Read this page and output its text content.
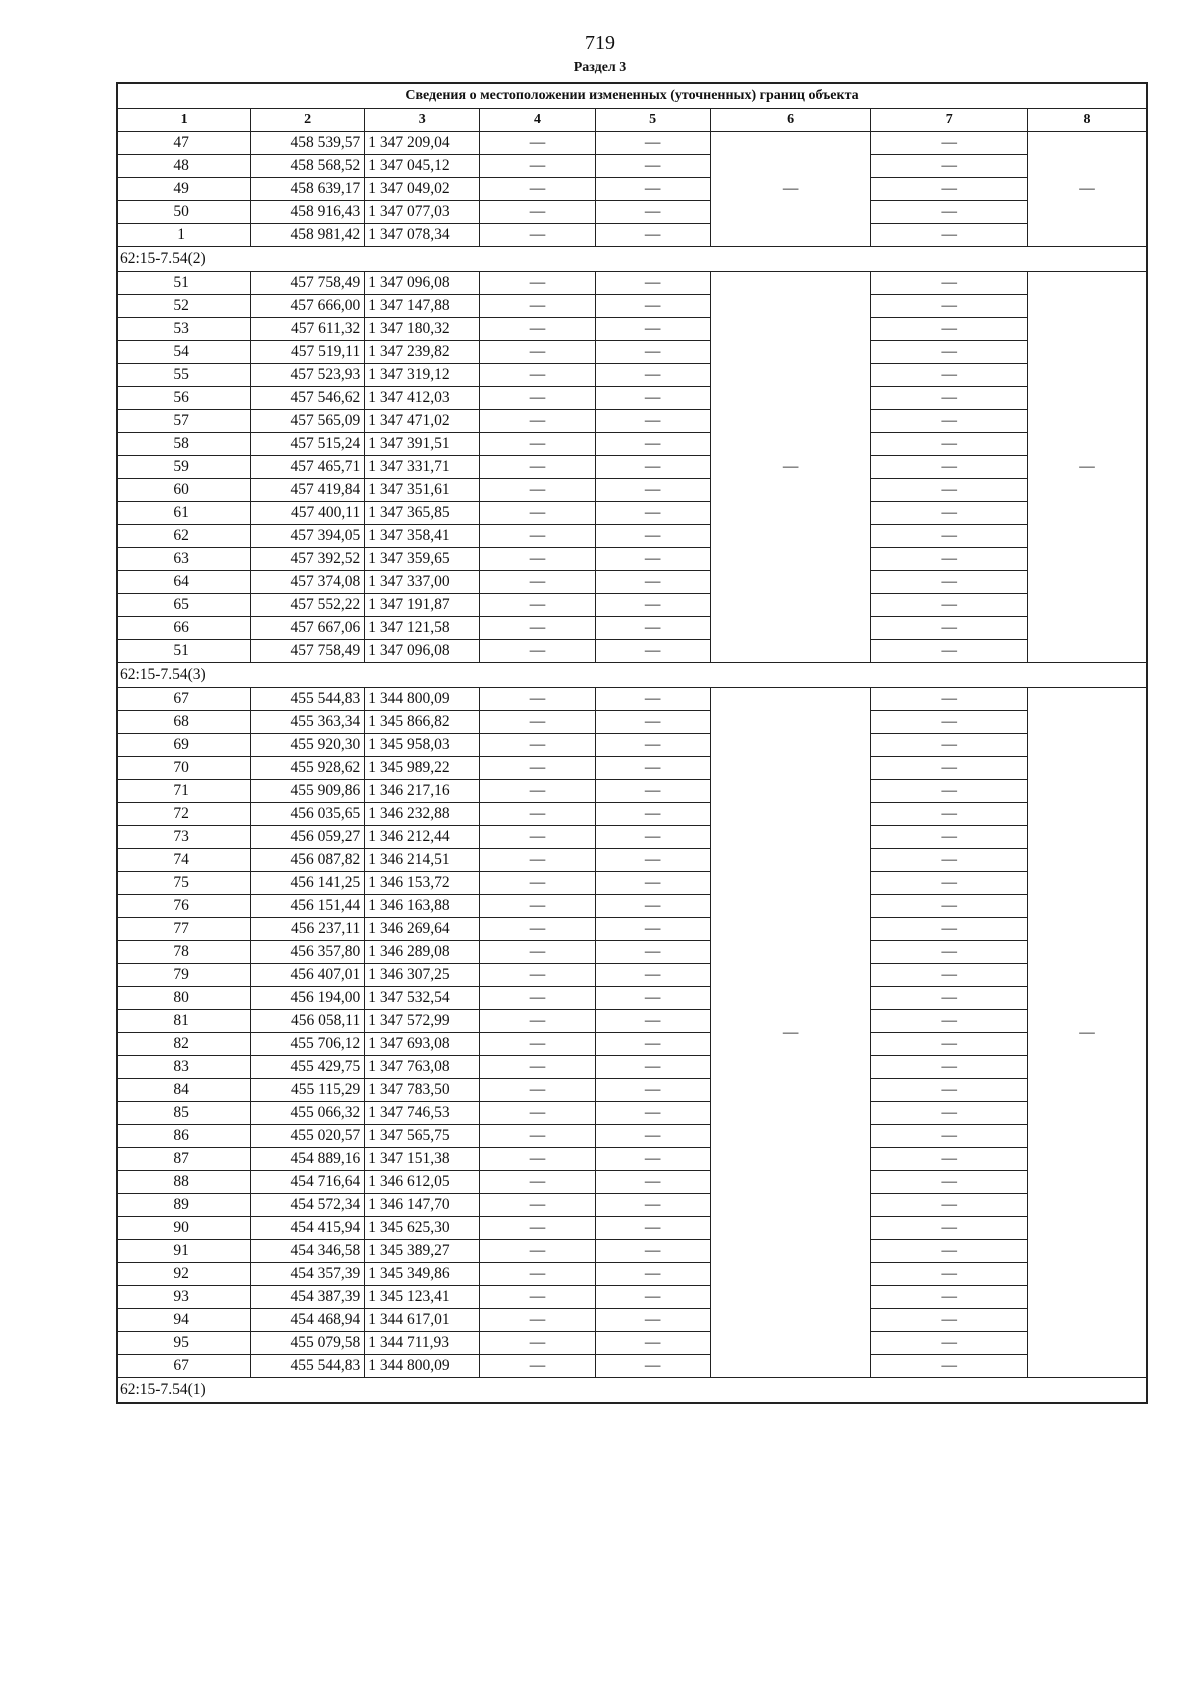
719
Раздел 3
Сведения о местоположении измененных (уточненных) границ объекта							
1	2	3	4	5	6	7	8
47	458 539,57	1 347 209,04	—	—	—	—	—
48	458 568,52	1 347 045,12	—	—		—	
49	458 639,17	1 347 049,02	—	—		—	
50	458 916,43	1 347 077,03	—	—		—	
1	458 981,42	1 347 078,34	—	—		—	
62:15-7.54(2)							
51	457 758,49	1 347 096,08	—	—	—	—	—
52	457 666,00	1 347 147,88	—	—		—	
53	457 611,32	1 347 180,32	—	—		—	
54	457 519,11	1 347 239,82	—	—		—	
55	457 523,93	1 347 319,12	—	—		—	
56	457 546,62	1 347 412,03	—	—		—	
57	457 565,09	1 347 471,02	—	—		—	
58	457 515,24	1 347 391,51	—	—		—	
59	457 465,71	1 347 331,71	—	—		—	
60	457 419,84	1 347 351,61	—	—		—	
61	457 400,11	1 347 365,85	—	—		—	
62	457 394,05	1 347 358,41	—	—		—	
63	457 392,52	1 347 359,65	—	—		—	
64	457 374,08	1 347 337,00	—	—		—	
65	457 552,22	1 347 191,87	—	—		—	
66	457 667,06	1 347 121,58	—	—		—	
51	457 758,49	1 347 096,08	—	—		—	
62:15-7.54(3)							
67	455 544,83	1 344 800,09	—	—	—	—	—
68	455 363,34	1 345 866,82	—	—		—	
69	455 920,30	1 345 958,03	—	—		—	
70	455 928,62	1 345 989,22	—	—		—	
71	455 909,86	1 346 217,16	—	—		—	
72	456 035,65	1 346 232,88	—	—		—	
73	456 059,27	1 346 212,44	—	—		—	
74	456 087,82	1 346 214,51	—	—		—	
75	456 141,25	1 346 153,72	—	—		—	
76	456 151,44	1 346 163,88	—	—		—	
77	456 237,11	1 346 269,64	—	—		—	
78	456 357,80	1 346 289,08	—	—		—	
79	456 407,01	1 346 307,25	—	—		—	
80	456 194,00	1 347 532,54	—	—		—	
81	456 058,11	1 347 572,99	—	—		—	
82	455 706,12	1 347 693,08	—	—		—	
83	455 429,75	1 347 763,08	—	—		—	
84	455 115,29	1 347 783,50	—	—		—	
85	455 066,32	1 347 746,53	—	—		—	
86	455 020,57	1 347 565,75	—	—		—	
87	454 889,16	1 347 151,38	—	—		—	
88	454 716,64	1 346 612,05	—	—		—	
89	454 572,34	1 346 147,70	—	—		—	
90	454 415,94	1 345 625,30	—	—		—	
91	454 346,58	1 345 389,27	—	—		—	
92	454 357,39	1 345 349,86	—	—		—	
93	454 387,39	1 345 123,41	—	—		—	
94	454 468,94	1 344 617,01	—	—		—	
95	455 079,58	1 344 711,93	—	—		—	
67	455 544,83	1 344 800,09	—	—		—	
62:15-7.54(1)							
